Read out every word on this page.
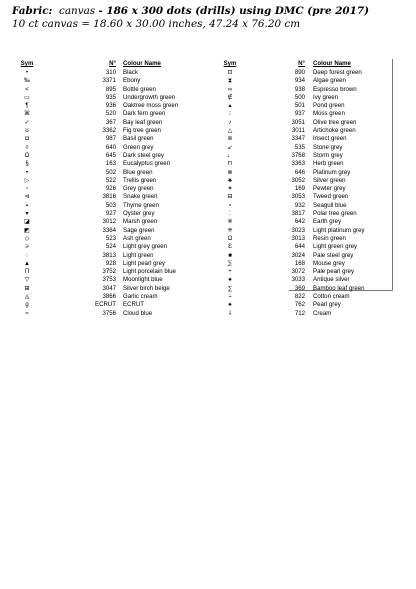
Fabric: canvas - 186 x 300 dots (drills) using DMC (pre 2017)
10 ct canvas = 18.60 x 30.00 inches, 47.24 x 76.20 cm
Sym	N°	Colour Name
•	310	Black
‰	3371	Ebony
<	895	Bottle green
▭	935	Undergrowth green
¶	936	Oaktree moss green
⌘	520	Dark fern green
✓	367	Bay leaf green
ʊ	3362	Fig tree green
◘	987	Basil green
◊	640	Green grey
Ω	645	Dark steel grey
§	163	Eucalyptus green
•	502	Blue green
▷	522	Trellis green
▫	926	Grey green
⊲	3816	Snake green
▪	503	Thyme green
▾	927	Oyster grey
◪	3012	Marsh green
◩	3364	Sage green
◇	523	Ash green
∍	524	Light grey green
◌	3813	Light green
▲	928	Light pearl grey
Π	3752	Light porcelain blue
▽	3753	Moonlight blue
⊞	3047	Silver birch beige
◬	3866	Garlic cream
g	ECRUT	ECRUT
≈	3756	Cloud blue
Sym	N°	Colour Name
⊡	890	Deep forest green
⧗	934	Algae green
∞	938	Espresso brown
∉	500	Ivy green
▴	501	Pond green
⁝	937	Moss green
♪	3051	Olive tree green
△	3011	Artichoke green
⊚	3347	Insect green
↙	535	Stone grey
♩	3768	Storm grey
⊓	3363	Herb green
⊗	646	Platinum grey
♣	3052	Silver green
✶	169	Pewter grey
⊟	3053	Tweed green
⋆	932	Seagull blue
⁚	3817	Polar tree green
※	642	Earth grey
⁜	3023	Light platinum grey
Ω	3013	Resin green
Ɛ	644	Light green grey
■	3024	Pale steel grey
⅀	168	Mouse grey
+	3072	Pale pearl grey
●	3033	Antique silver
∑	369	Bamboo leaf green
⍨	822	Cotton cream
♠	762	Pearl grey
⸸	712	Cream
